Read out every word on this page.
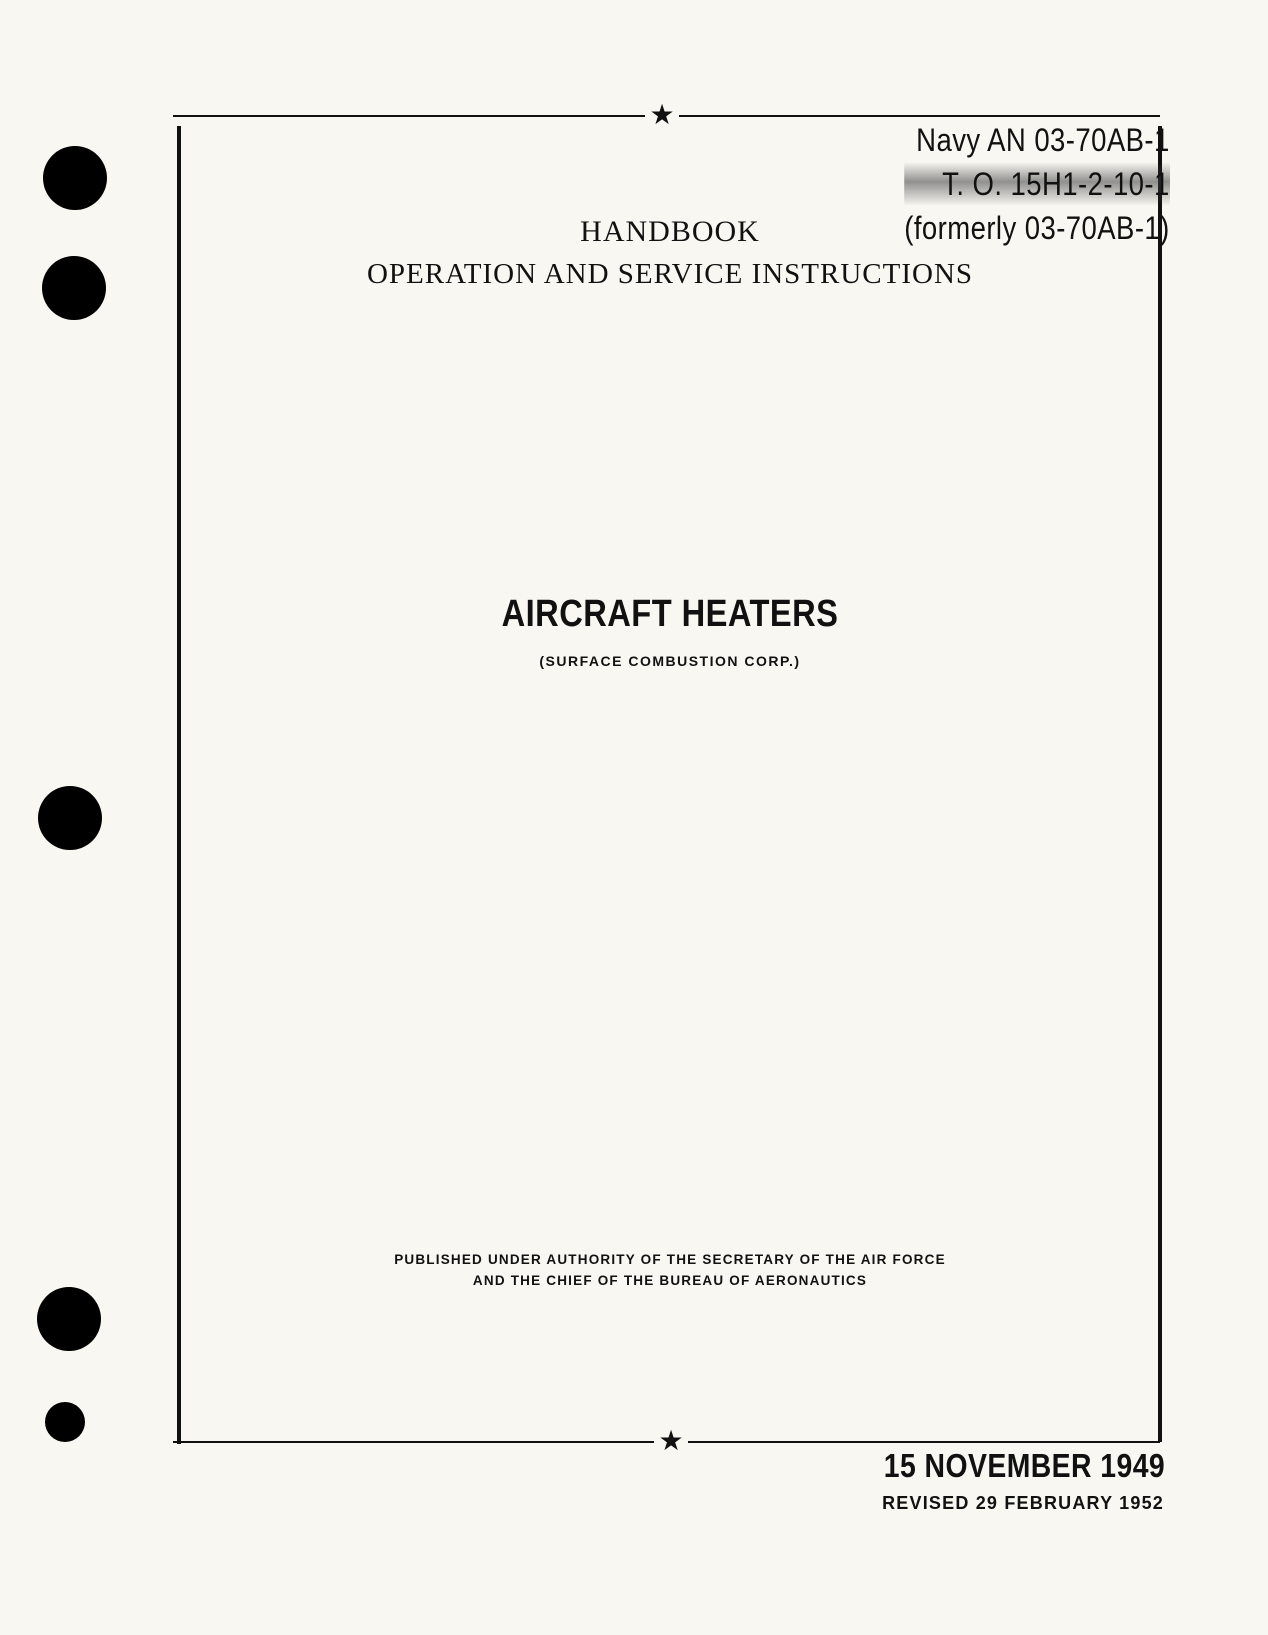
★
★
Navy AN 03-70AB-1
T. O. 15H1-2-10-1
(formerly 03-70AB-1)
HANDBOOK
OPERATION AND SERVICE INSTRUCTIONS
AIRCRAFT HEATERS
(SURFACE COMBUSTION CORP.)
PUBLISHED UNDER AUTHORITY OF THE SECRETARY OF THE AIR FORCE
AND THE CHIEF OF THE BUREAU OF AERONAUTICS
15 NOVEMBER 1949
REVISED 29 FEBRUARY 1952
